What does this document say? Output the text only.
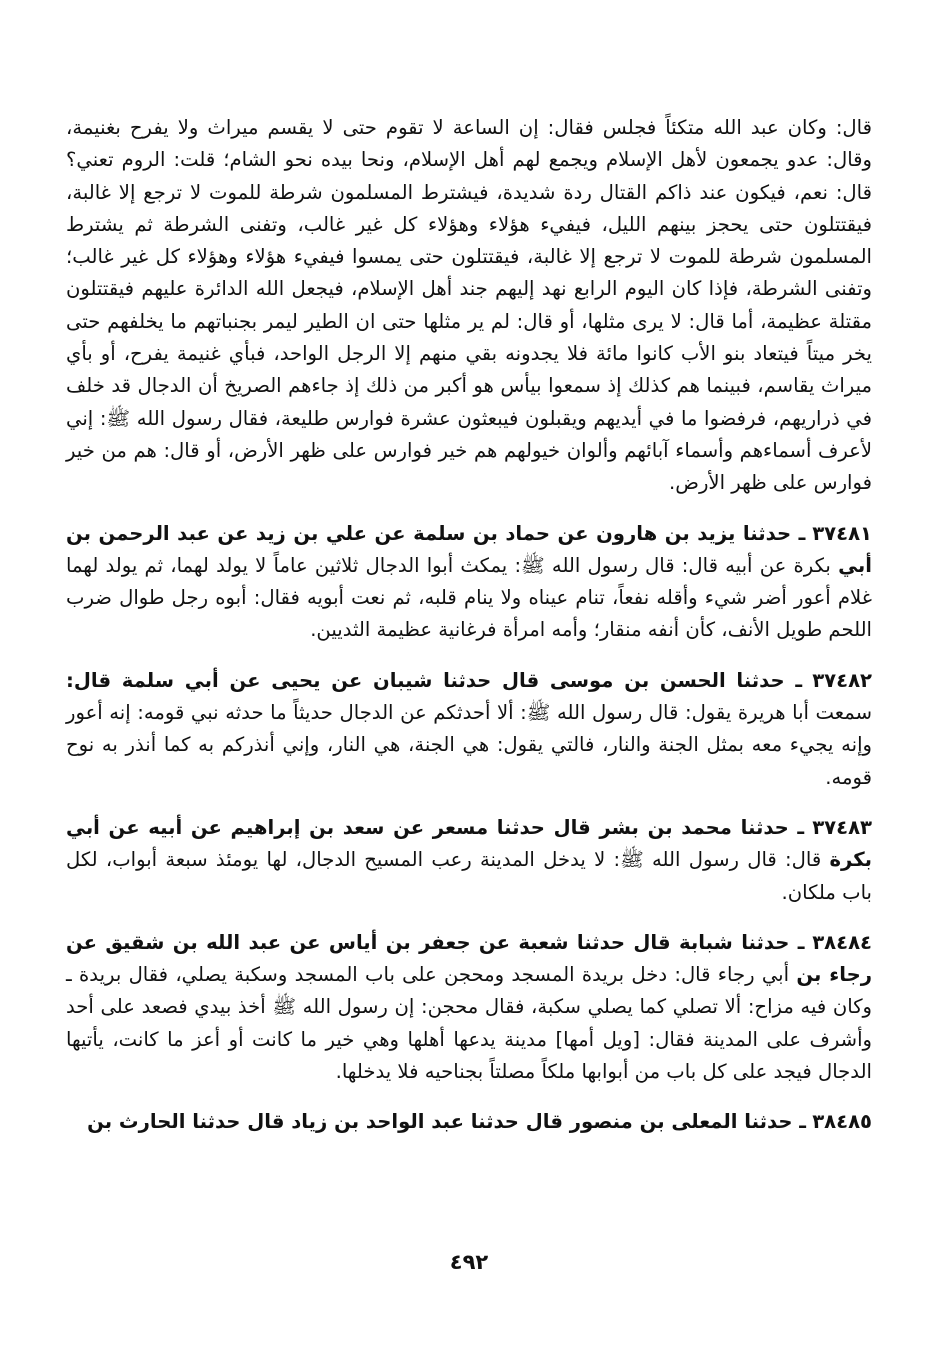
قال: وكان عبد الله متكئاً فجلس فقال: إن الساعة لا تقوم حتى لا يقسم ميراث ولا يفرح بغنيمة، وقال: عدو يجمعون لأهل الإسلام ويجمع لهم أهل الإسلام، ونحا بيده نحو الشام؛ قلت: الروم تعني؟ قال: نعم، فيكون عند ذاكم القتال ردة شديدة، فيشترط المسلمون شرطة للموت لا ترجع إلا غالبة، فيقتتلون حتى يحجز بينهم الليل، فيفيء هؤلاء وهؤلاء كل غير غالب، وتفنى الشرطة ثم يشترط المسلمون شرطة للموت لا ترجع إلا غالبة، فيقتتلون حتى يمسوا فيفيء هؤلاء وهؤلاء كل غير غالب؛ وتفنى الشرطة، فإذا كان اليوم الرابع نهد إليهم جند أهل الإسلام، فيجعل الله الدائرة عليهم فيقتتلون مقتلة عظيمة، أما قال: لا يرى مثلها، أو قال: لم ير مثلها حتى ان الطير ليمر بجنباتهم ما يخلفهم حتى يخر ميتاً فيتعاد بنو الأب كانوا مائة فلا يجدونه بقي منهم إلا الرجل الواحد، فبأي غنيمة يفرح، أو بأي ميراث يقاسم، فبينما هم كذلك إذ سمعوا بيأس هو أكبر من ذلك إذ جاءهم الصريخ أن الدجال قد خلف في ذراريهم، فرفضوا ما في أيديهم ويقبلون فيبعثون عشرة فوارس طليعة، فقال رسول الله ﷺ: إني لأعرف أسماءهم وأسماء آبائهم وألوان خيولهم هم خير فوارس على ظهر الأرض، أو قال: هم من خير فوارس على ظهر الأرض.

٣٧٤٨١ ـ حدثنا يزيد بن هارون عن حماد بن سلمة عن علي بن زيد عن عبد الرحمن بن أبي بكرة عن أبيه قال: قال رسول الله ﷺ: يمكث أبوا الدجال ثلاثين عاماً لا يولد لهما، ثم يولد لهما غلام أعور أضر شيء وأقله نفعاً، تنام عيناه ولا ينام قلبه، ثم نعت أبويه فقال: أبوه رجل طوال ضرب اللحم طويل الأنف، كأن أنفه منقار؛ وأمه امرأة فرغانية عظيمة الثديين.

٣٧٤٨٢ ـ حدثنا الحسن بن موسى قال حدثنا شيبان عن يحيى عن أبي سلمة قال: سمعت أبا هريرة يقول: قال رسول الله ﷺ: ألا أحدثكم عن الدجال حديثاً ما حدثه نبي قومه: إنه أعور وإنه يجيء معه بمثل الجنة والنار، فالتي يقول: هي الجنة، هي النار، وإني أنذركم به كما أنذر به نوح قومه.

٣٧٤٨٣ ـ حدثنا محمد بن بشر قال حدثنا مسعر عن سعد بن إبراهيم عن أبيه عن أبي بكرة قال: قال رسول الله ﷺ: لا يدخل المدينة رعب المسيح الدجال، لها يومئذ سبعة أبواب، لكل باب ملكان.

٣٨٤٨٤ ـ حدثنا شبابة قال حدثنا شعبة عن جعفر بن أياس عن عبد الله بن شقيق عن رجاء بن أبي رجاء قال: دخل بريدة المسجد ومحجن على باب المسجد وسكبة يصلي، فقال بريدة ـ وكان فيه مزاح: ألا تصلي كما يصلي سكبة، فقال محجن: إن رسول الله ﷺ أخذ بيدي فصعد على أحد وأشرف على المدينة فقال: [ويل أمها] مدينة يدعها أهلها وهي خير ما كانت أو أعز ما كانت، يأتيها الدجال فيجد على كل باب من أبوابها ملكاً مصلتاً بجناحيه فلا يدخلها.

٣٨٤٨٥ ـ حدثنا المعلى بن منصور قال حدثنا عبد الواحد بن زياد قال حدثنا الحارث بن

٤٩٢
